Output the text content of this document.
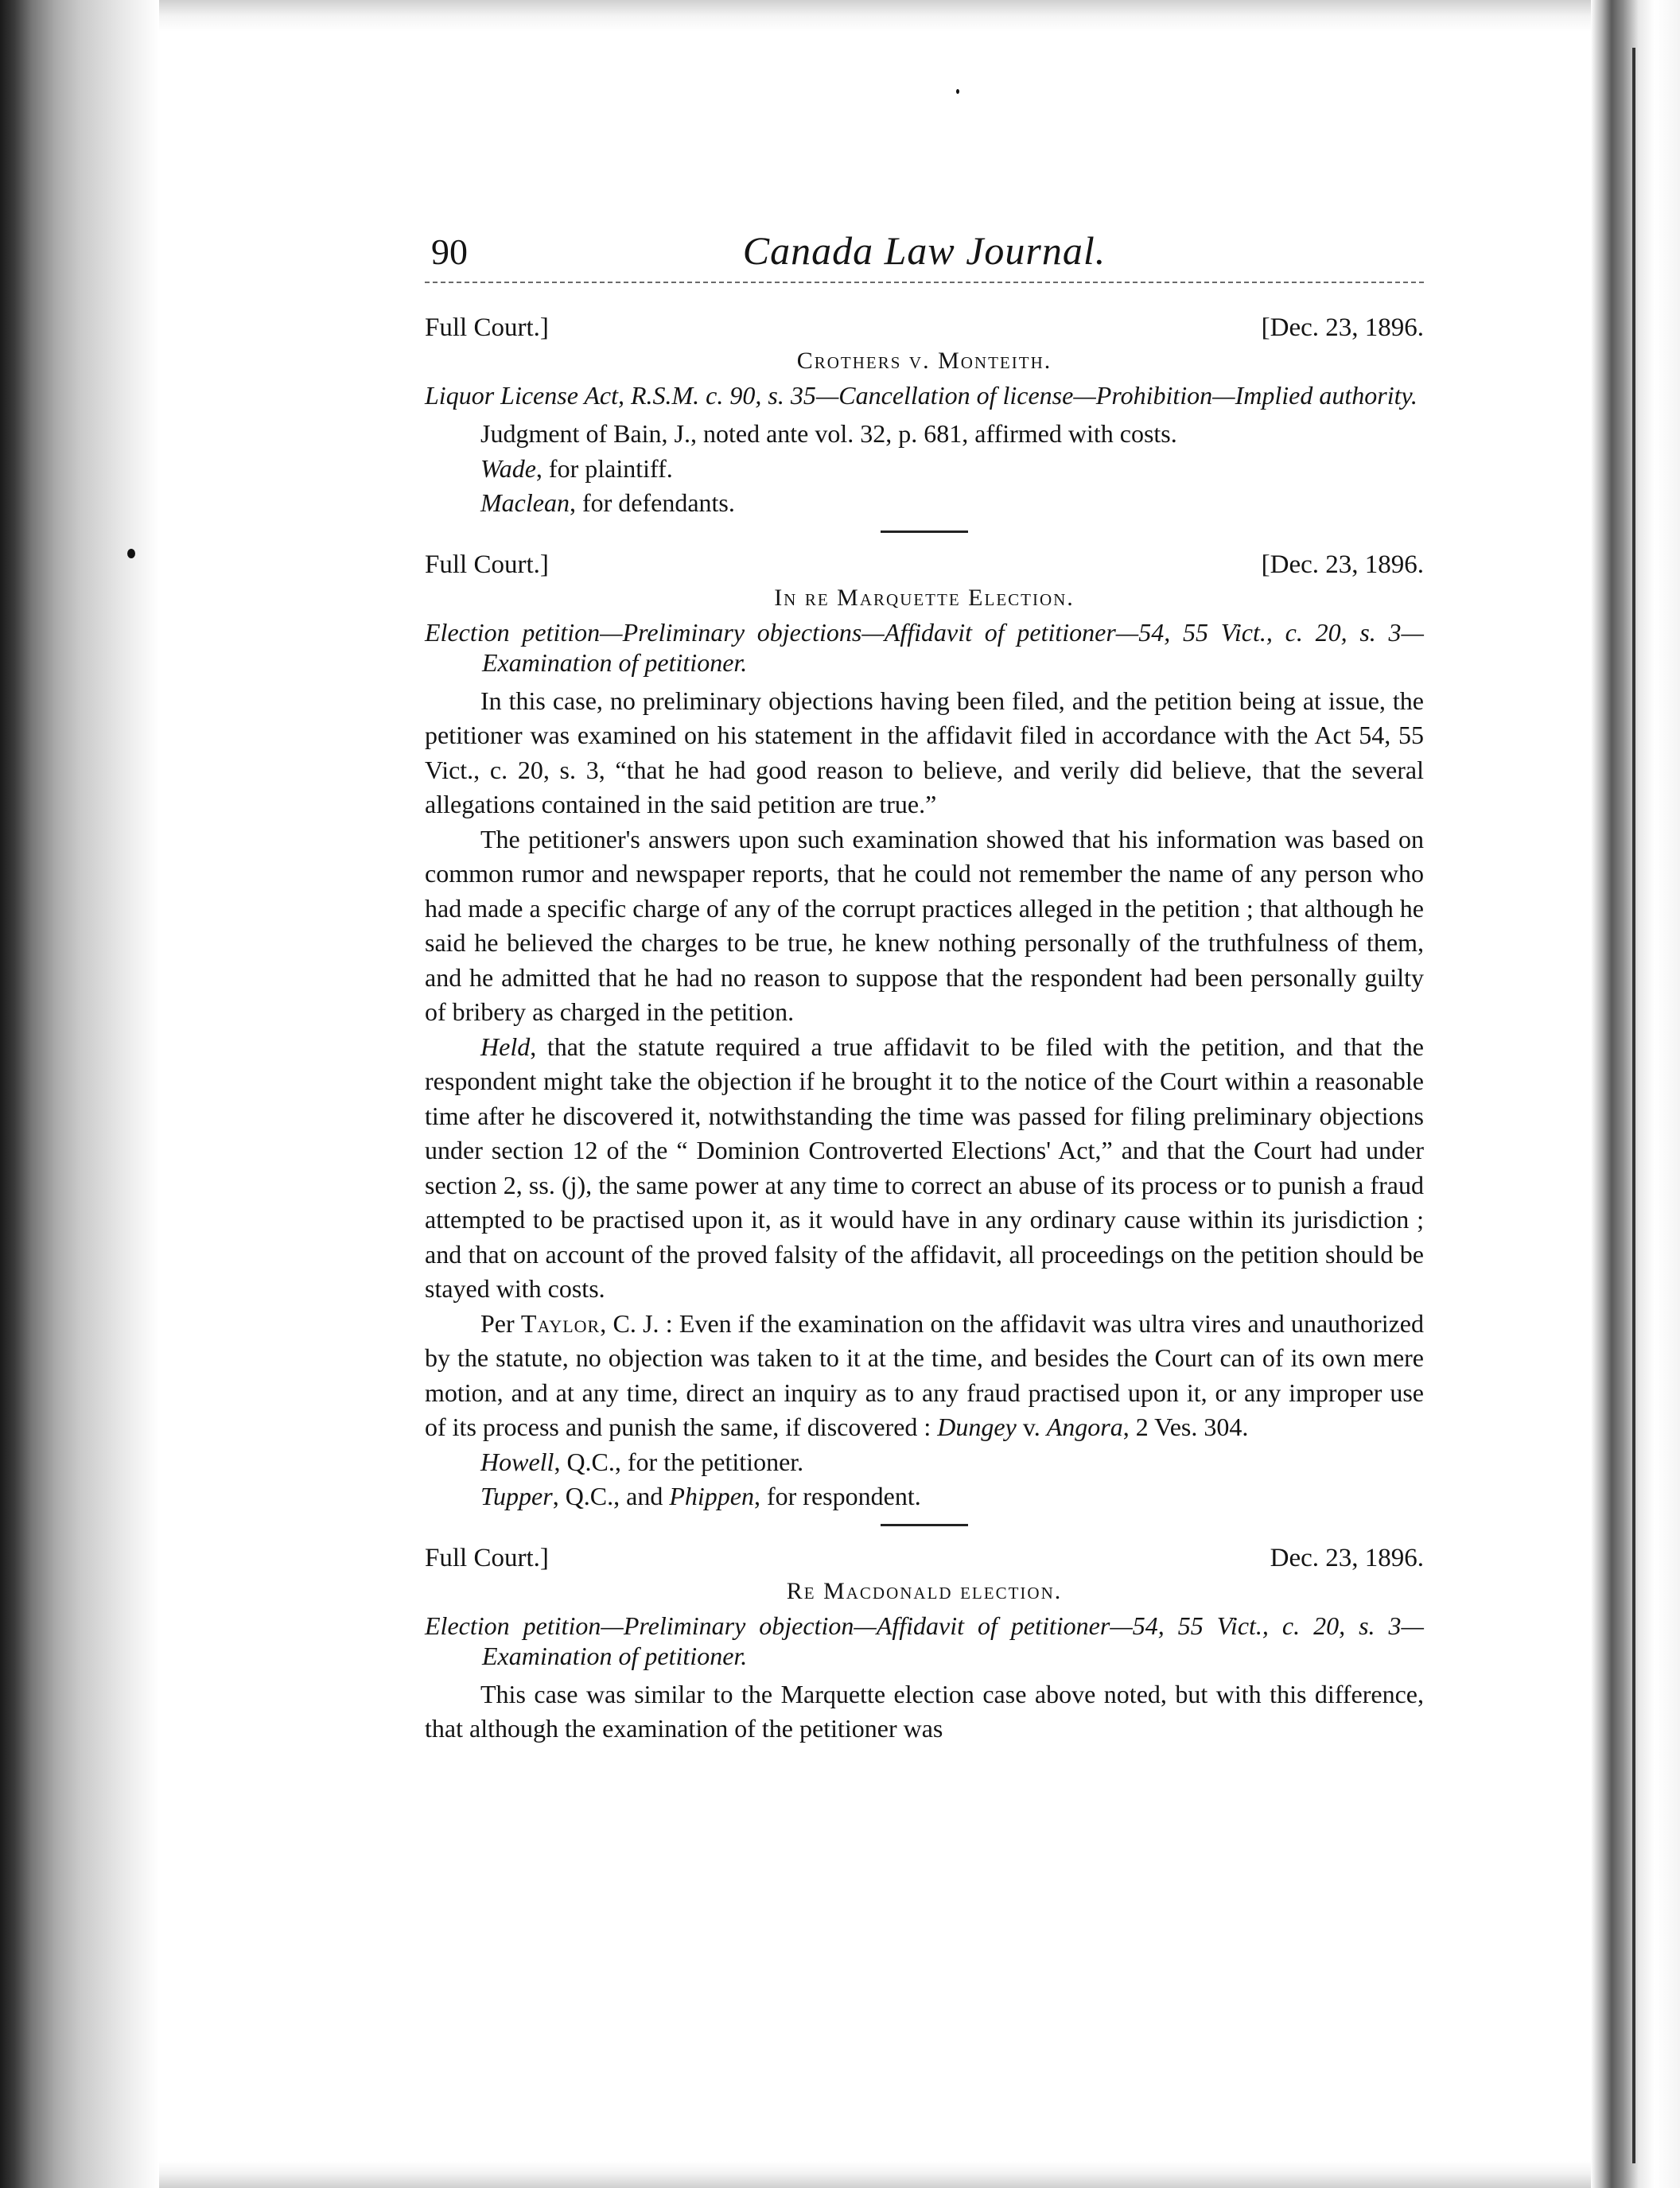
90	Canada Law Journal.
Full Court.]	[Dec. 23, 1896.
Crothers v. Monteith.
Liquor License Act, R.S.M. c. 90, s. 35—Cancellation of license—Prohibition—Implied authority.

Judgment of Bain, J., noted ante vol. 32, p. 681, affirmed with costs.

Wade, for plaintiff.
Maclean, for defendants.
Full Court.]	[Dec. 23, 1896.
In re Marquette Election.
Election petition—Preliminary objections—Affidavit of petitioner—54, 55 Vict., c. 20, s. 3—Examination of petitioner.

In this case, no preliminary objections having been filed, and the petition being at issue, the petitioner was examined on his statement in the affidavit filed in accordance with the Act 54, 55 Vict., c. 20, s. 3, “that he had good reason to believe, and verily did believe, that the several allegations contained in the said petition are true.”

The petitioner's answers upon such examination showed that his information was based on common rumor and newspaper reports, that he could not remember the name of any person who had made a specific charge of any of the corrupt practices alleged in the petition ; that although he said he believed the charges to be true, he knew nothing personally of the truthfulness of them, and he admitted that he had no reason to suppose that the respondent had been personally guilty of bribery as charged in the petition.

Held, that the statute required a true affidavit to be filed with the petition, and that the respondent might take the objection if he brought it to the notice of the Court within a reasonable time after he discovered it, notwithstanding the time was passed for filing preliminary objections under section 12 of the “ Dominion Controverted Elections' Act,” and that the Court had under section 2, ss. (j), the same power at any time to correct an abuse of its process or to punish a fraud attempted to be practised upon it, as it would have in any ordinary cause within its jurisdiction ; and that on account of the proved falsity of the affidavit, all proceedings on the petition should be stayed with costs.

Per Taylor, C. J. : Even if the examination on the affidavit was ultra vires and unauthorized by the statute, no objection was taken to it at the time, and besides the Court can of its own mere motion, and at any time, direct an inquiry as to any fraud practised upon it, or any improper use of its process and punish the same, if discovered : Dungey v. Angora, 2 Ves. 304.

Howell, Q.C., for the petitioner.
Tupper, Q.C., and Phippen, for respondent.
Full Court.]	Dec. 23, 1896.
Re Macdonald election.
Election petition—Preliminary objection—Affidavit of petitioner—54, 55 Vict., c. 20, s. 3—Examination of petitioner.

This case was similar to the Marquette election case above noted, but with this difference, that although the examination of the petitioner was
